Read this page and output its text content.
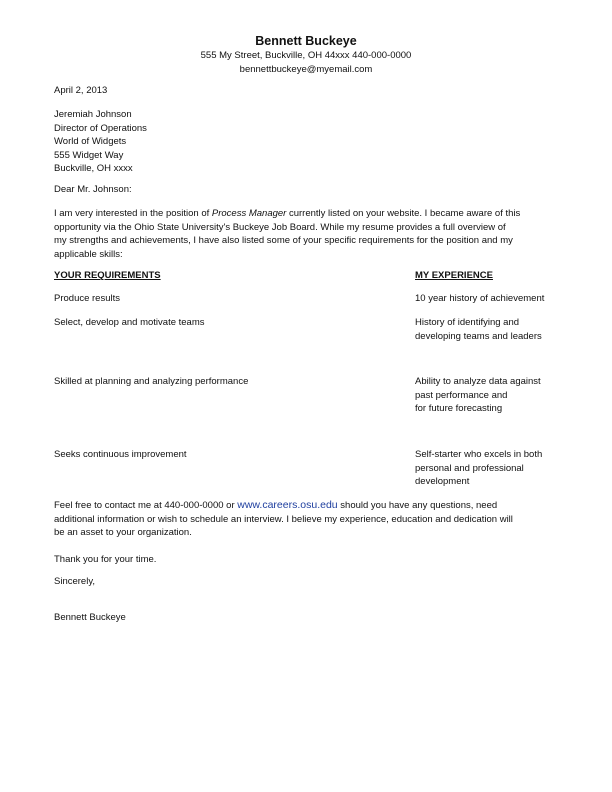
Bennett Buckeye
555 My Street, Buckville, OH 44xxx 440-000-0000
bennettbuckeye@myemail.com
April 2, 2013
Jeremiah Johnson
Director of Operations
World of Widgets
555 Widget Way
Buckville, OH xxxx
Dear Mr. Johnson:
I am very interested in the position of Process Manager currently listed on your website. I became aware of this
opportunity via the Ohio State University's Buckeye Job Board. While my resume provides a full overview of
my strengths and achievements, I have also listed some of your specific requirements for the position and my
applicable skills:
YOUR REQUIREMENTS	MY EXPERIENCE
Produce results	10 year history of achievement
Select, develop and motivate teams	History of identifying and
developing teams and leaders
Skilled at planning and analyzing performance	Ability to analyze data against
past performance and
for future forecasting
Seeks continuous improvement	Self-starter who excels in both
personal and professional
development
Feel free to contact me at 440-000-0000 or www.careers.osu.edu should you have any questions, need
additional information or wish to schedule an interview. I believe my experience, education and dedication will
be an asset to your organization.
Thank you for your time.
Sincerely,
Bennett Buckeye
